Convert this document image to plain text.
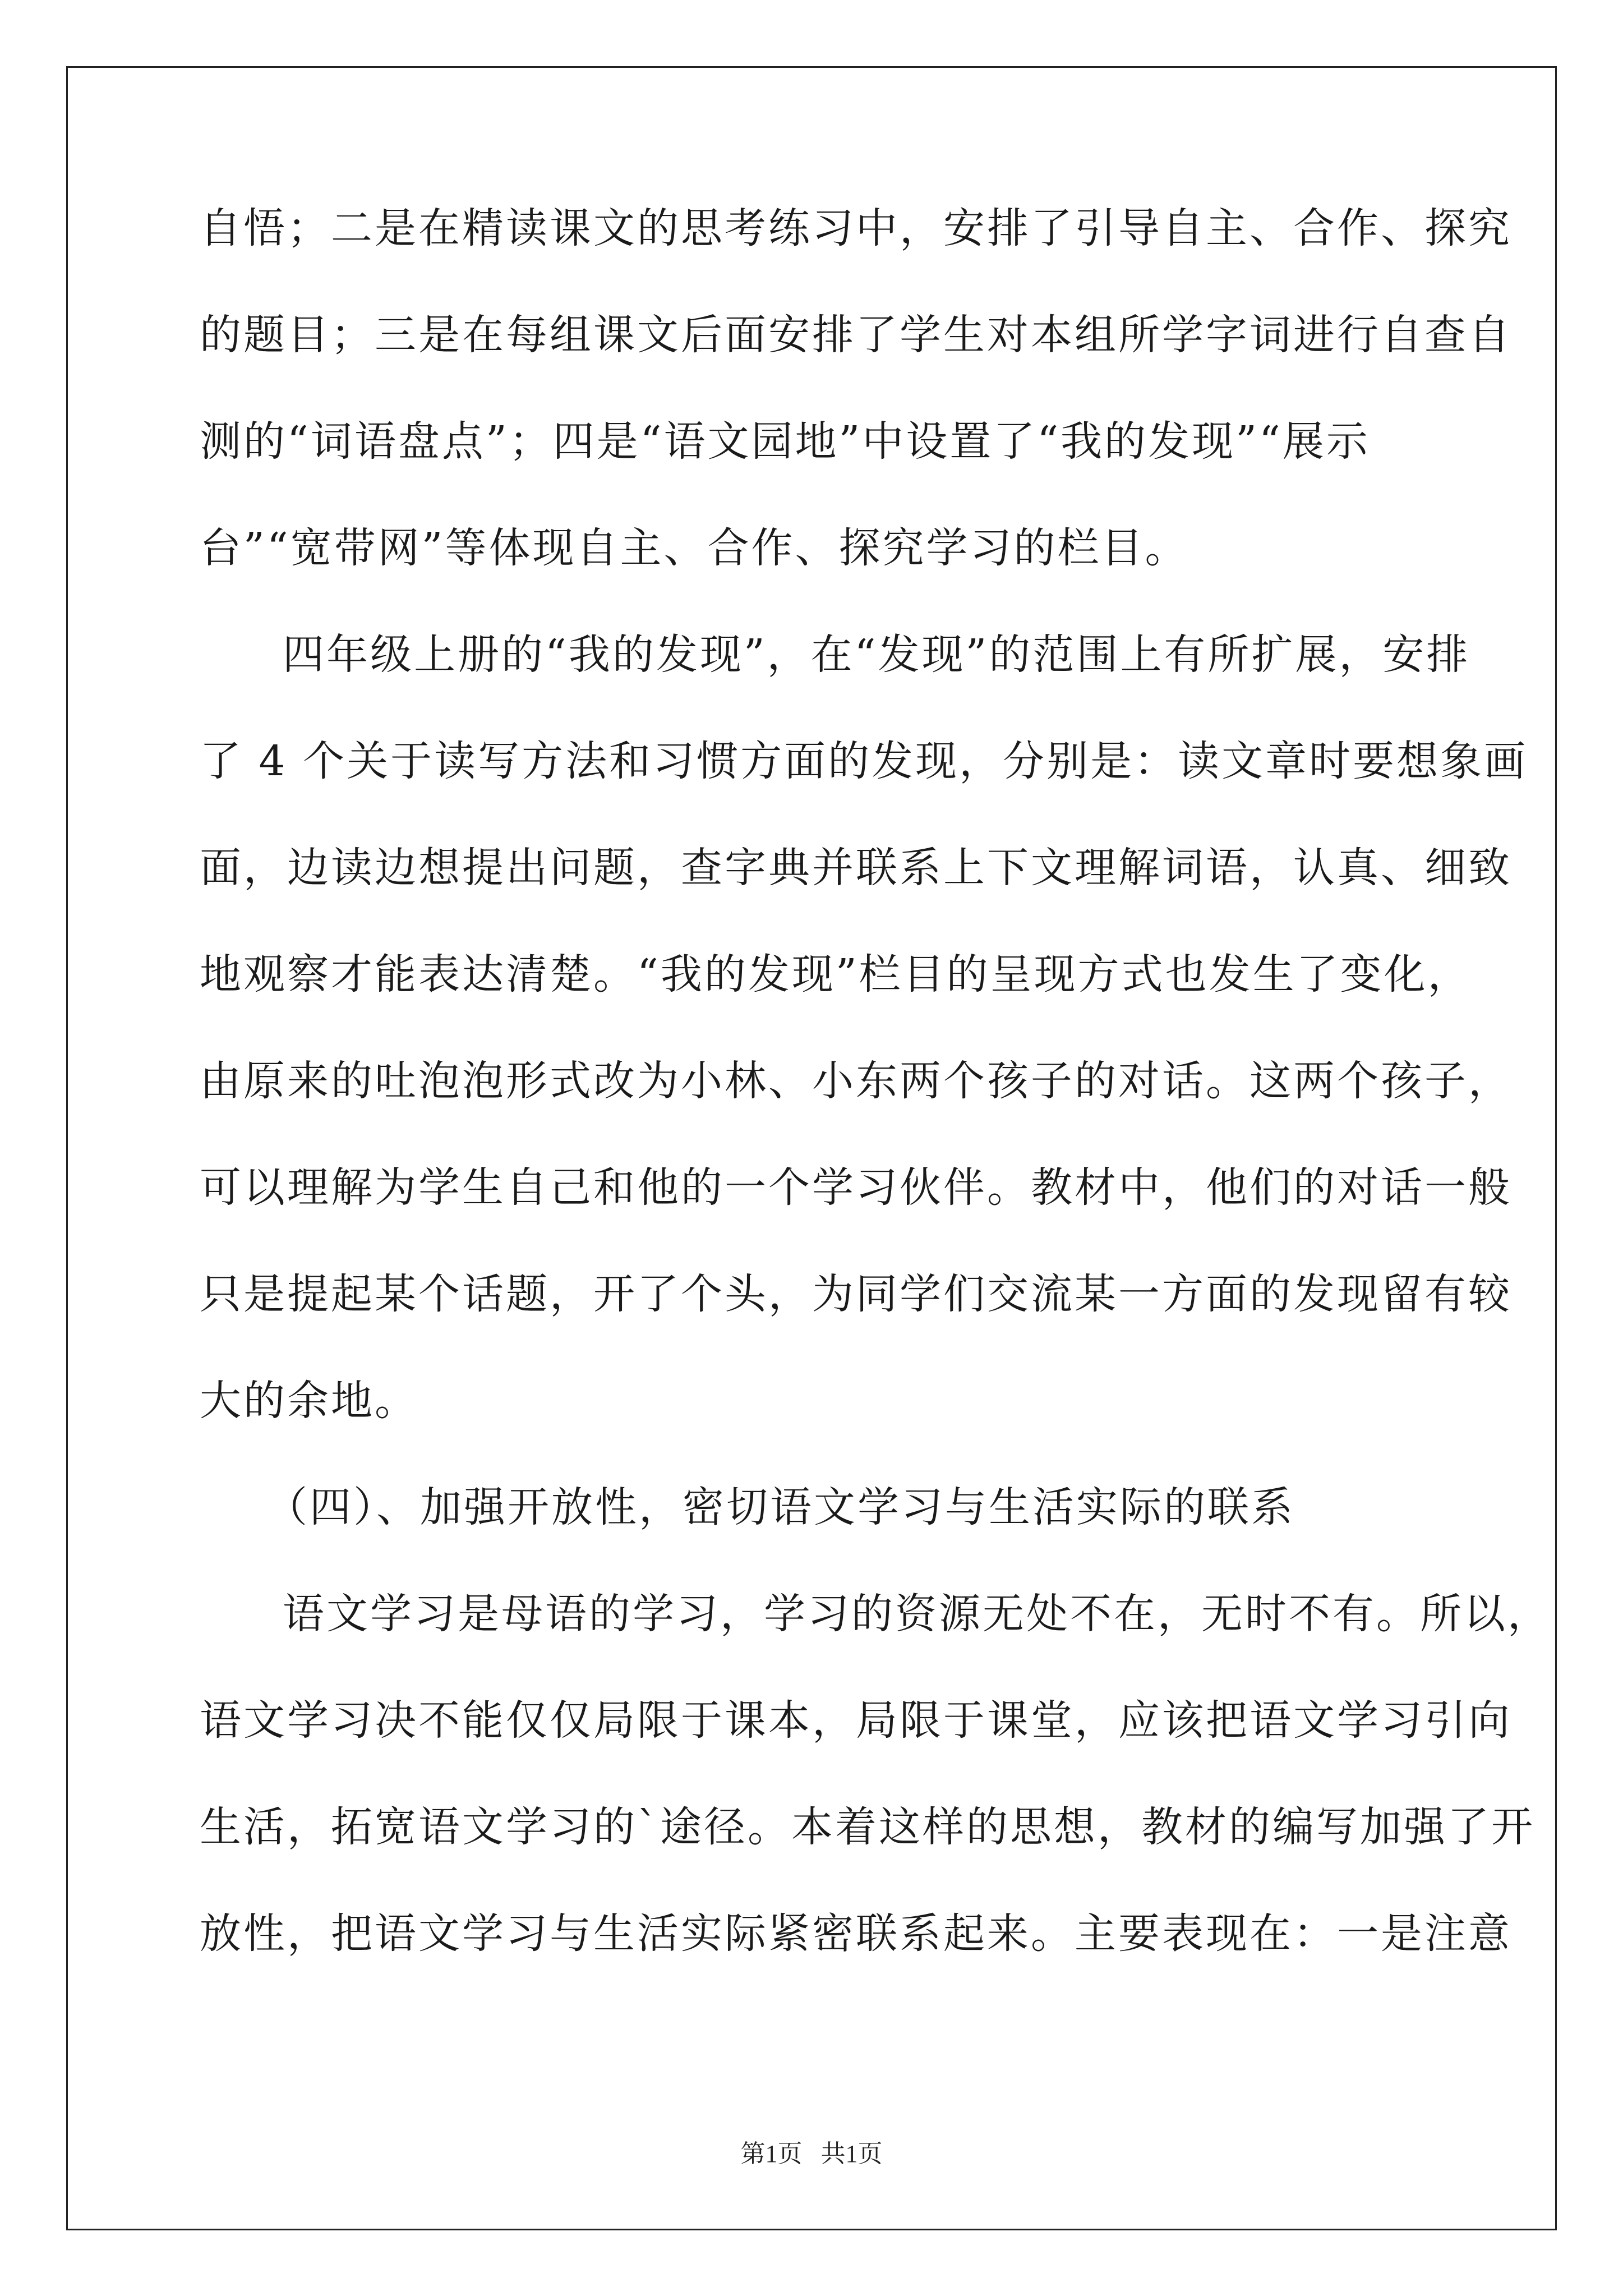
自悟；二是在精读课文的思考练习中，安排了引导自主、合作、探究
的题目；三是在每组课文后面安排了学生对本组所学字词进行自查自
测的“词语盘点”；四是“语文园地”中设置了“我的发现”“展示
台”“宽带网”等体现自主、合作、探究学习的栏目。
四年级上册的“我的发现”，在“发现”的范围上有所扩展，安排
了 4 个关于读写方法和习惯方面的发现，分别是：读文章时要想象画
面，边读边想提出问题，查字典并联系上下文理解词语，认真、细致
地观察才能表达清楚。“我的发现”栏目的呈现方式也发生了变化，
由原来的吐泡泡形式改为小林、小东两个孩子的对话。这两个孩子，
可以理解为学生自己和他的一个学习伙伴。教材中，他们的对话一般
只是提起某个话题，开了个头，为同学们交流某一方面的发现留有较
大的余地。
（四）、加强开放性，密切语文学习与生活实际的联系
语文学习是母语的学习，学习的资源无处不在，无时不有。所以，
语文学习决不能仅仅局限于课本，局限于课堂，应该把语文学习引向
生活，拓宽语文学习的`途径。本着这样的思想，教材的编写加强了开
放性，把语文学习与生活实际紧密联系起来。主要表现在：一是注意
第1页   共1页
